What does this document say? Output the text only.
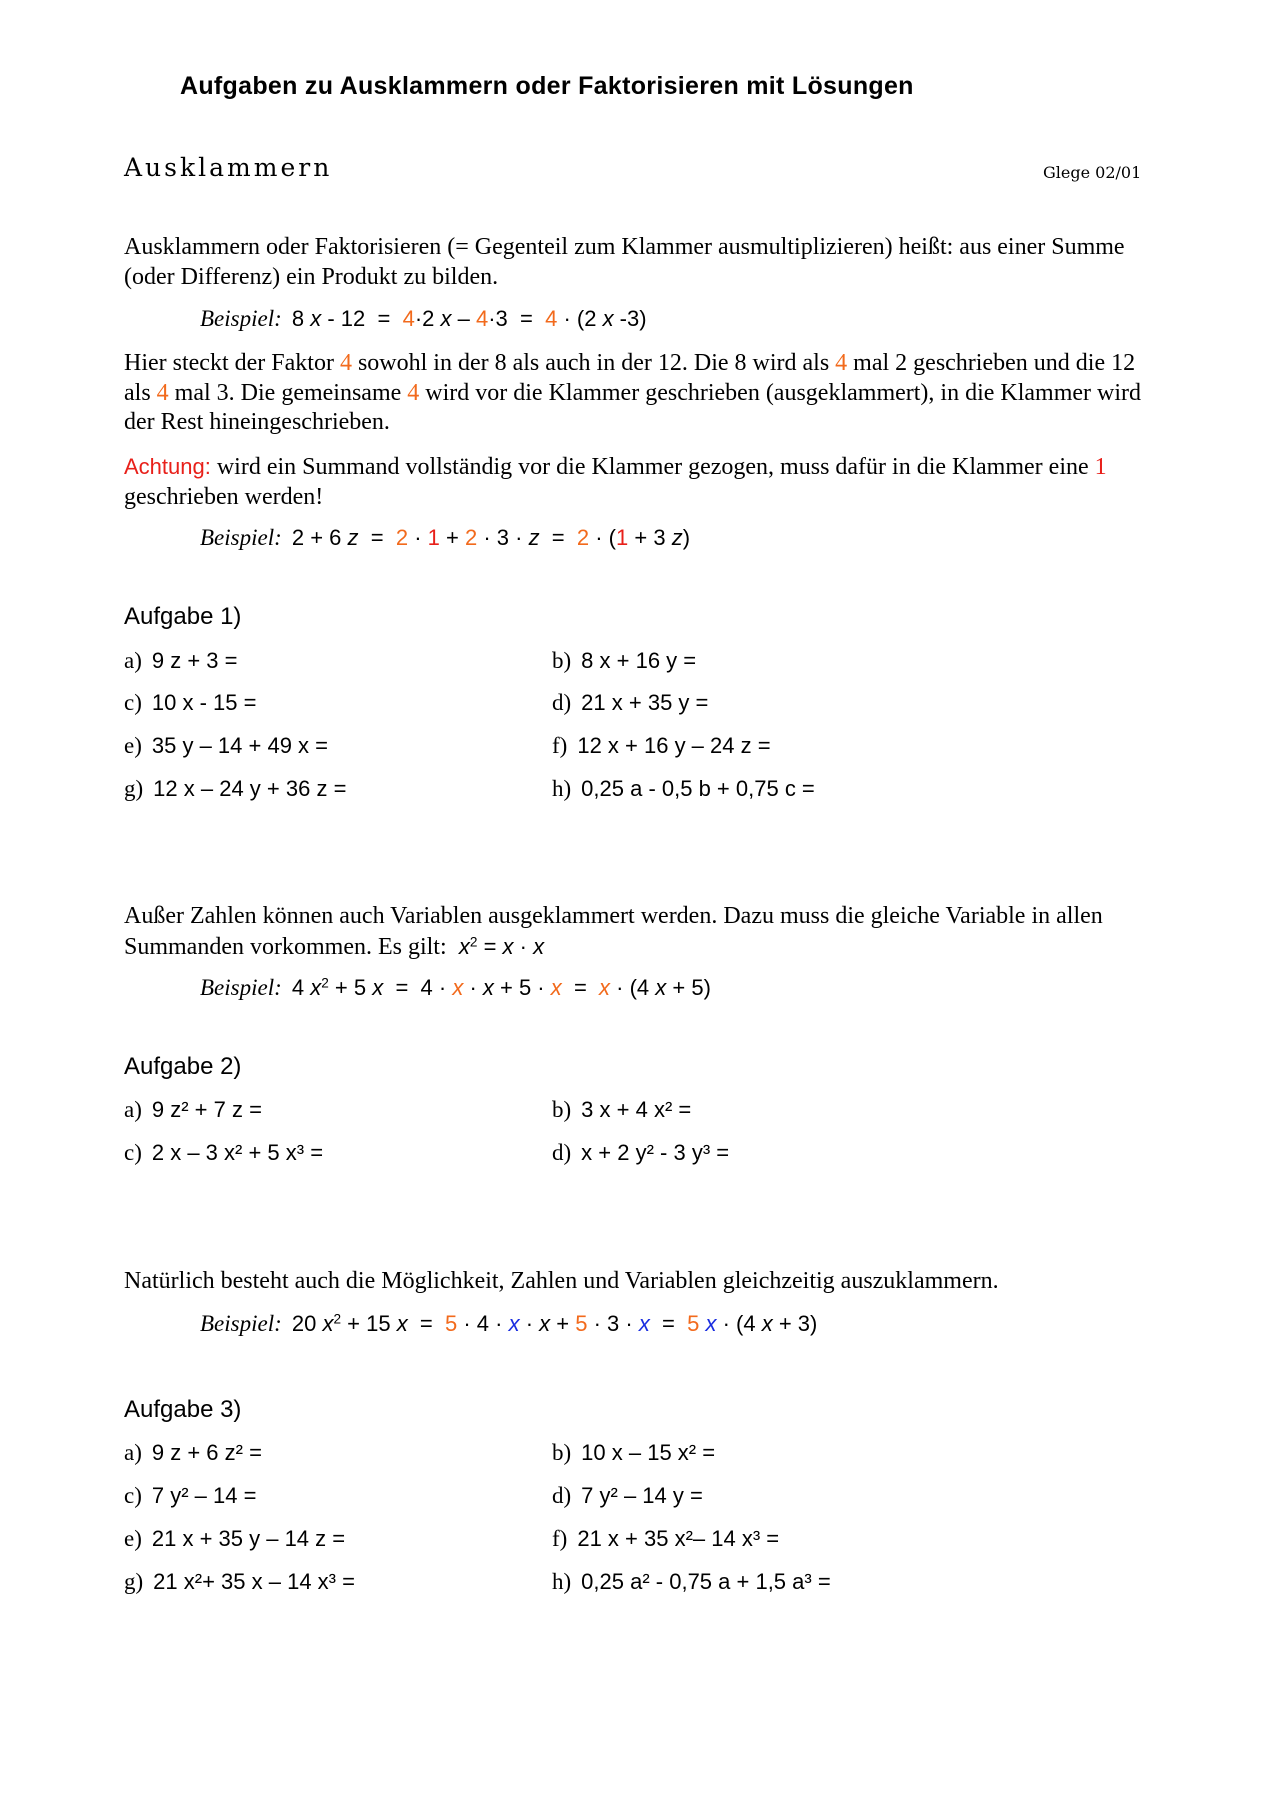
Aufgaben zu Ausklammern oder Faktorisieren mit Lösungen
Ausklammern	Glege 02/01

Ausklammern oder Faktorisieren (= Gegenteil zum Klammer ausmultiplizieren) heißt: aus einer Summe (oder Differenz) ein Produkt zu bilden.

Beispiel:  8 x - 12  =  4·2 x – 4·3  =  4 · (2 x -3)

Hier steckt der Faktor 4 sowohl in der 8 als auch in der 12. Die 8 wird als 4 mal 2 geschrieben und die 12 als 4 mal 3. Die gemeinsame 4 wird vor die Klammer geschrieben (ausgeklammert), in die Klammer wird der Rest hineingeschrieben.

Achtung: wird ein Summand vollständig vor die Klammer gezogen, muss dafür in die Klammer eine 1 geschrieben werden!

Beispiel:  2 + 6 z  =  2 · 1 + 2 · 3 · z  =  2 · (1 + 3 z)
Aufgabe 1)
a) 9 z + 3 =	b) 8 x + 16 y =
c) 10 x - 15 =	d) 21 x + 35 y =
e) 35 y – 14 + 49 x =	f) 12 x + 16 y – 24 z =
g) 12 x – 24 y + 36 z =	h) 0,25 a - 0,5 b + 0,75 c =

Außer Zahlen können auch Variablen ausgeklammert werden. Dazu muss die gleiche Variable in allen Summanden vorkommen. Es gilt: $x^2 = x \cdot x$

Beispiel:  4 $x^2 + 5$ x  =  4 · x · x + 5 · x  =  x · (4 x + 5)
Aufgabe 2)
a) 9 z² + 7 z =	b) 3 x + 4 x² =
c) 2 x – 3 x² + 5 x³ =	d) x + 2 y² - 3 y³ =

Natürlich besteht auch die Möglichkeit, Zahlen und Variablen gleichzeitig auszuklammern.

Beispiel:  20 $x^2 + 15$ x  =  5 · 4 · x · x + 5 · 3 · x  =  5 x · (4 x + 3)
Aufgabe 3)
a) 9 z + 6 z² =	b) 10 x – 15 x² =
c) 7 y² – 14 =	d) 7 y² – 14 y =
e) 21 x + 35 y – 14 z =	f) 21 x + 35 x²– 14 x³ =
g) 21 x²+ 35 x – 14 x³ =	h) 0,25 a² - 0,75 a + 1,5 a³ =
